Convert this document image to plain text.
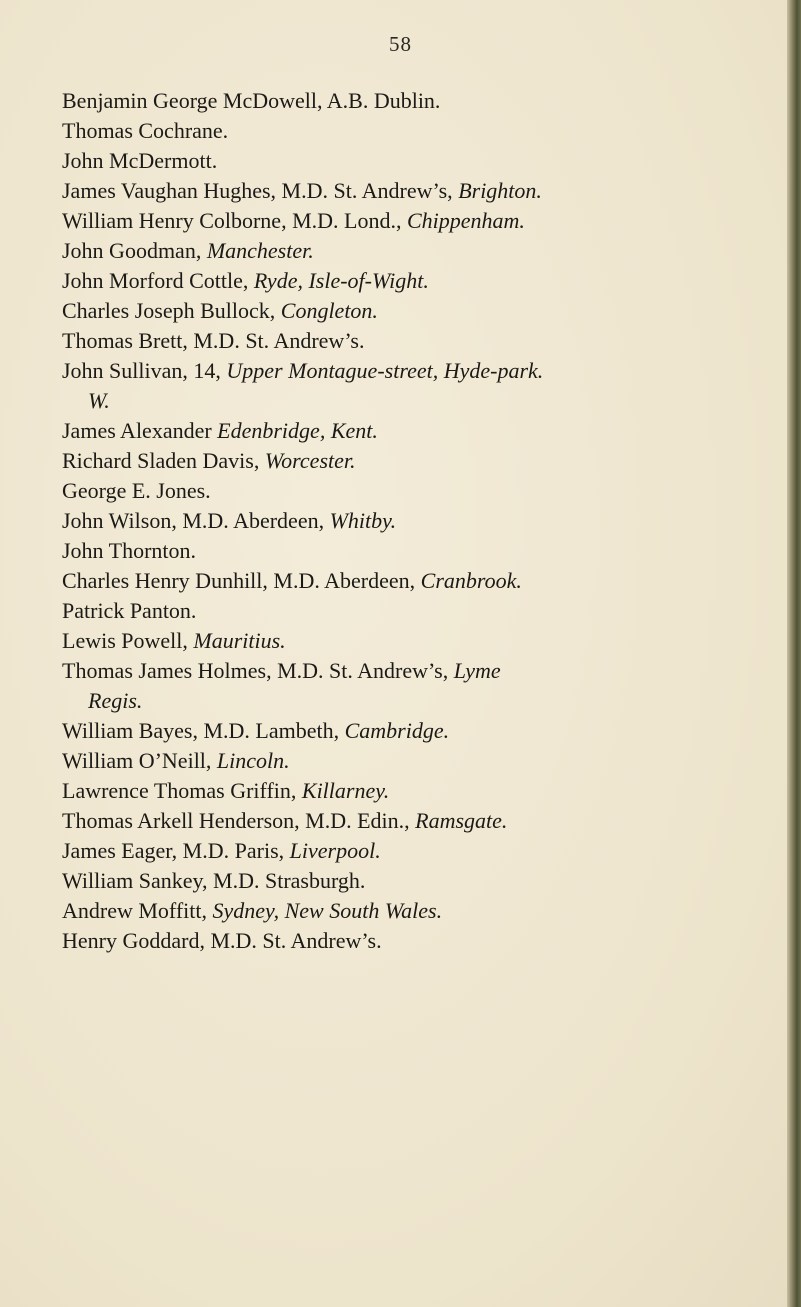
58
Benjamin George McDowell, A.B. Dublin.
Thomas Cochrane.
John McDermott.
James Vaughan Hughes, M.D. St. Andrew’s, Brighton.
William Henry Colborne, M.D. Lond., Chippenham.
John Goodman, Manchester.
John Morford Cottle, Ryde, Isle-of-Wight.
Charles Joseph Bullock, Congleton.
Thomas Brett, M.D. St. Andrew’s.
John Sullivan, 14, Upper Montague-street, Hyde-park.
W.
James Alexander Edenbridge, Kent.
Richard Sladen Davis, Worcester.
George E. Jones.
John Wilson, M.D. Aberdeen, Whitby.
John Thornton.
Charles Henry Dunhill, M.D. Aberdeen, Cranbrook.
Patrick Panton.
Lewis Powell, Mauritius.
Thomas James Holmes, M.D. St. Andrew’s, Lyme
Regis.
William Bayes, M.D. Lambeth, Cambridge.
William O’Neill, Lincoln.
Lawrence Thomas Griffin, Killarney.
Thomas Arkell Henderson, M.D. Edin., Ramsgate.
James Eager, M.D. Paris, Liverpool.
William Sankey, M.D. Strasburgh.
Andrew Moffitt, Sydney, New South Wales.
Henry Goddard, M.D. St. Andrew’s.
